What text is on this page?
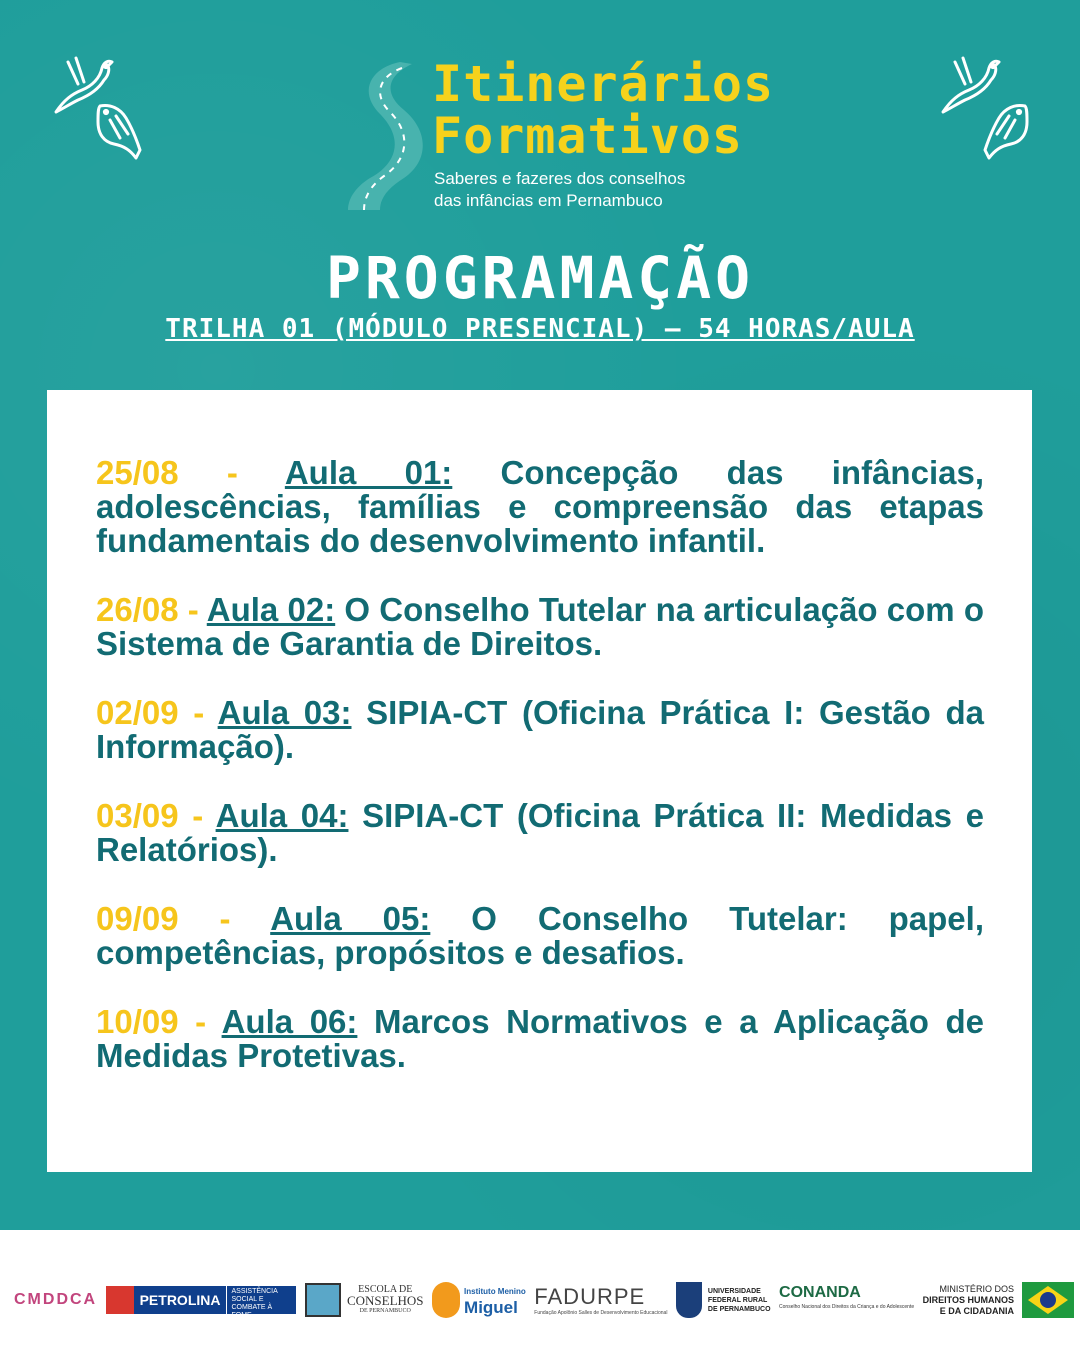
Itinerários
Formativos
Saberes e fazeres dos conselhos
das infâncias em Pernambuco
PROGRAMAÇÃO
TRILHA 01 (MÓDULO PRESENCIAL) — 54 HORAS/AULA
25/08 - Aula 01: Concepção das infâncias, adolescências, famílias e compreensão das etapas fundamentais do desenvolvimento infantil.
26/08 - Aula 02: O Conselho Tutelar na articulação com o Sistema de Garantia de Direitos.
02/09 - Aula 03: SIPIA-CT (Oficina Prática I: Gestão da Informação).
03/09 - Aula 04: SIPIA-CT (Oficina Prática II: Medidas e Relatórios).
09/09 - Aula 05: O Conselho Tutelar: papel, competências, propósitos e desafios.
10/09 - Aula 06: Marcos Normativos e a Aplicação de Medidas Protetivas.
CMDDCA	PETROLINA
SECRETARIA DE ASSISTÊNCIA SOCIAL E COMBATE À FOME
ESCOLA DE
CONSELHOS
DE PERNAMBUCO
Instituto Menino
Miguel FADURPE
Fundação Apolônio Salles de Desenvolvimento Educacional
UNIVERSIDADE
FEDERAL RURAL
DE PERNAMBUCO
CONANDA
Conselho Nacional dos Direitos da Criança e do Adolescente
MINISTÉRIO DOS
DIREITOS HUMANOS
E DA CIDADANIA
